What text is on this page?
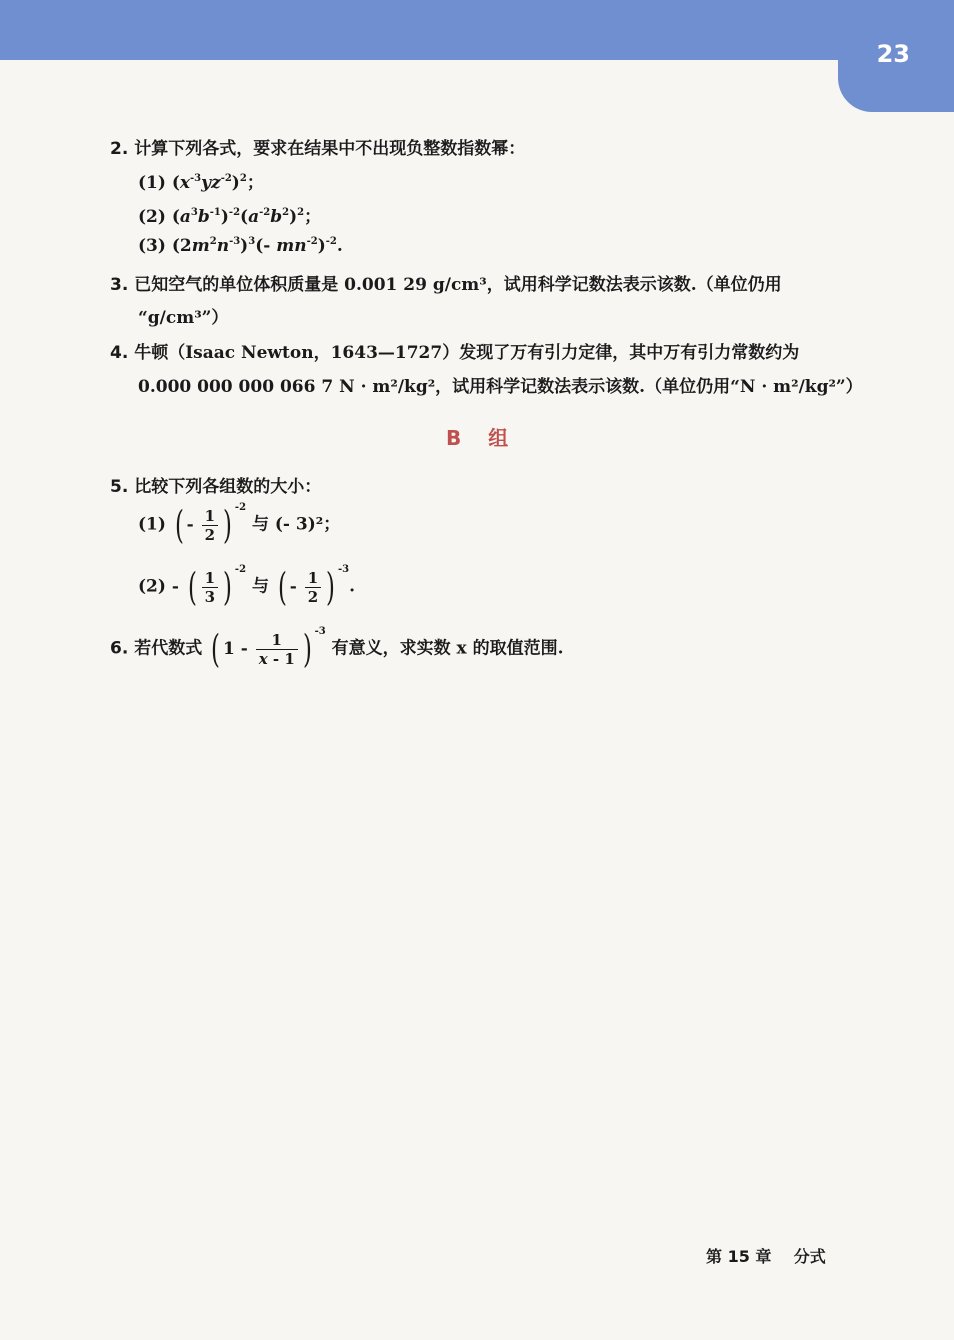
23
2. 计算下列各式，要求在结果中不出现负整数指数幂：
(1) $(x^{-3}yz^{-2})^2$；
(2) $(a^3b^{-1})^{-2}(a^{-2}b^2)^2$；
(3) $(2m^2n^{-3})^3(-$ $mn^{-2})^{-2}$.
3. 已知空气的单位体积质量是 0.001 29 g/cm³，试用科学记数法表示该数.（单位仍用
“g/cm³”）
4. 牛顿（Isaac Newton，1643—1727）发现了万有引力定律，其中万有引力常数约为
0.000 000 000 066 7 N · m²/kg²，试用科学记数法表示该数.（单位仍用“N · m²/kg²”）
B 组
5. 比较下列各组数的大小：
(1) ( - $\frac{1}{2}$ ) $^{-2}$ 与 (- 3)²；
(2) - ( $\frac{1}{3}$ ) $^{-2}$ 与 ( - $\frac{1}{2}$ ) $^{-3}$.
6. 若代数式 ( $1 - \frac{1}{x - 1}$ ) $^{-3}$ 有意义，求实数 x 的取值范围.
第 15 章 分式
